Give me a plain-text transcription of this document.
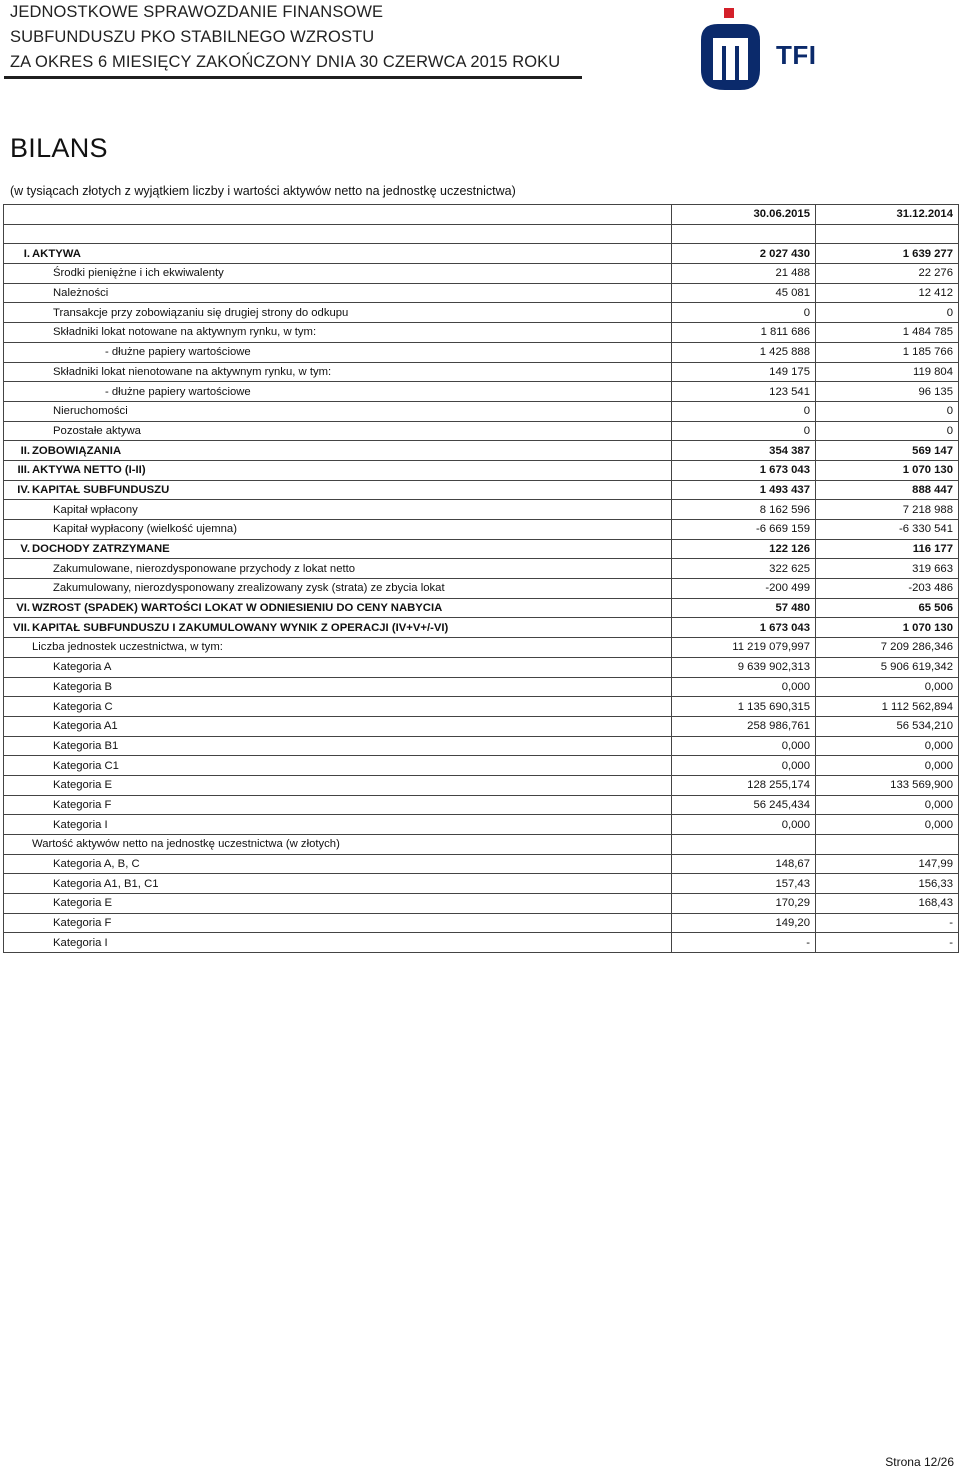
JEDNOSTKOWE SPRAWOZDANIE FINANSOWE
SUBFUNDUSZU PKO STABILNEGO WZROSTU
ZA OKRES 6 MIESIĘCY ZAKOŃCZONY DNIA 30 CZERWCA 2015 ROKU	TFI
BILANS
(w tysiącach złotych z wyjątkiem liczby i wartości aktywów netto na jednostkę uczestnictwa)
				30.06.2015	31.12.2014

I.	AKTYWA			2 027 430	1 639 277
		Środki pieniężne i ich ekwiwalenty		21 488	22 276
		Należności		45 081	12 412
		Transakcje przy zobowiązaniu się drugiej strony do odkupu		0	0
		Składniki lokat notowane na aktywnym rynku, w tym:		1 811 686	1 484 785
			- dłużne papiery wartościowe	1 425 888	1 185 766
		Składniki lokat nienotowane na aktywnym rynku, w tym:		149 175	119 804
			- dłużne papiery wartościowe	123 541	96 135
		Nieruchomości		0	0
		Pozostałe aktywa		0	0
II.	ZOBOWIĄZANIA			354 387	569 147
III.	AKTYWA NETTO (I-II)			1 673 043	1 070 130
IV.	KAPITAŁ SUBFUNDUSZU			1 493 437	888 447
		Kapitał wpłacony		8 162 596	7 218 988
		Kapitał wypłacony (wielkość ujemna)		-6 669 159	-6 330 541
V.	DOCHODY ZATRZYMANE			122 126	116 177
		Zakumulowane, nierozdysponowane przychody z lokat netto		322 625	319 663
		Zakumulowany, nierozdysponowany zrealizowany zysk (strata) ze zbycia lokat		-200 499	-203 486
VI.	WZROST (SPADEK) WARTOŚCI LOKAT W ODNIESIENIU DO CENY NABYCIA			57 480	65 506
VII.	KAPITAŁ SUBFUNDUSZU I ZAKUMULOWANY WYNIK Z OPERACJI (IV+V+/-VI)			1 673 043	1 070 130
	Liczba jednostek uczestnictwa, w tym:			11 219 079,997	7 209 286,346
		Kategoria A		9 639 902,313	5 906 619,342
		Kategoria B		0,000	0,000
		Kategoria C		1 135 690,315	1 112 562,894
		Kategoria A1		258 986,761	56 534,210
		Kategoria B1		0,000	0,000
		Kategoria C1		0,000	0,000
		Kategoria E		128 255,174	133 569,900
		Kategoria F		56 245,434	0,000
		Kategoria I		0,000	0,000
	Wartość aktywów netto na jednostkę uczestnictwa (w złotych)				
		Kategoria A, B, C		148,67	147,99
		Kategoria A1, B1, C1		157,43	156,33
		Kategoria E		170,29	168,43
		Kategoria F		149,20	-
		Kategoria I		-	-
Strona 12/26
